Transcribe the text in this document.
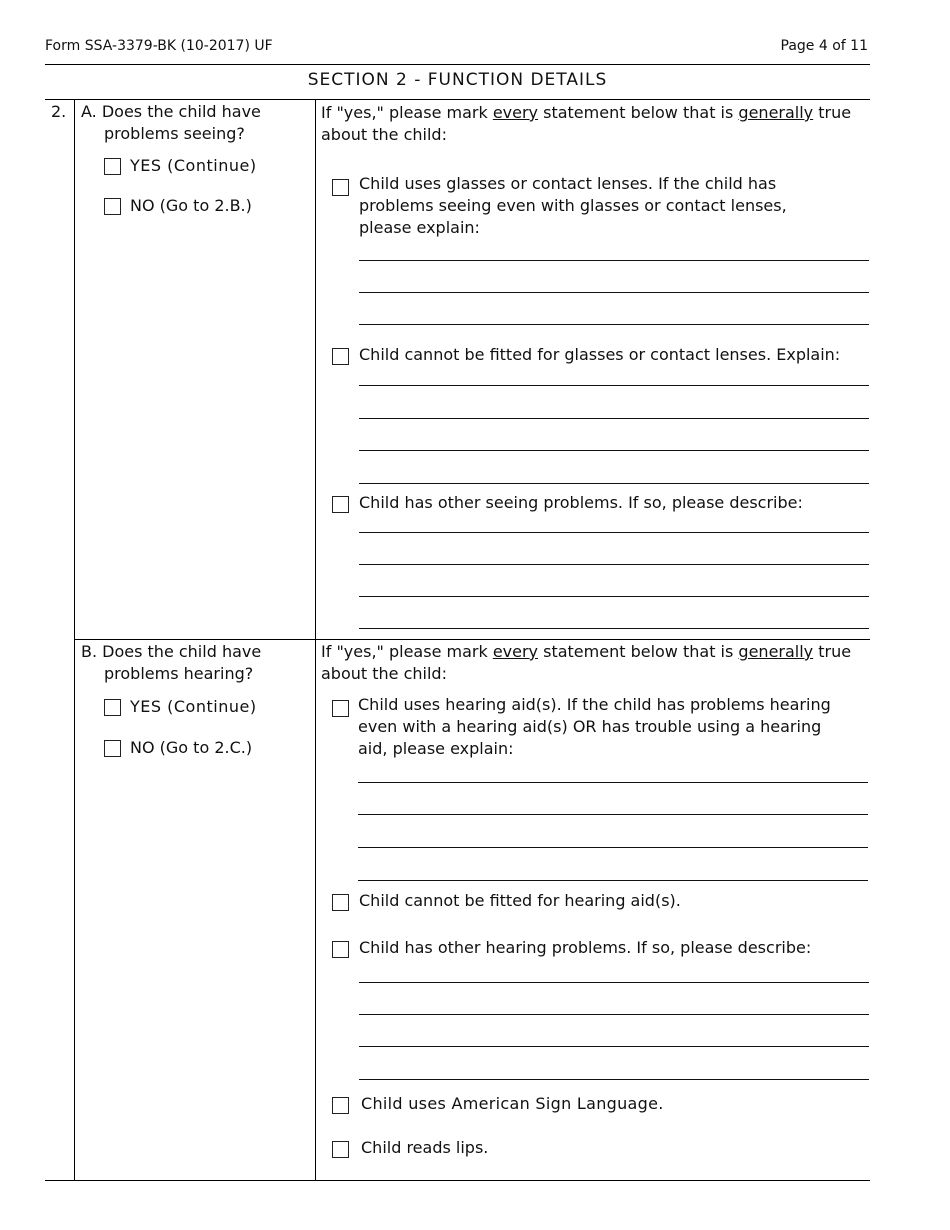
Form SSA-3379-BK (10-2017) UF	Page 4 of 11
SECTION 2 - FUNCTION DETAILS
2. A. Does the child have
problems seeing?
YES (Continue)
NO (Go to 2.B.)
If "yes," please mark every statement below that is generally true
about the child:
Child uses glasses or contact lenses. If the child has
problems seeing even with glasses or contact lenses,
please explain:
Child cannot be fitted for glasses or contact lenses. Explain:
Child has other seeing problems. If so, please describe:
B. Does the child have
problems hearing?
YES (Continue)
NO (Go to 2.C.)
If "yes," please mark every statement below that is generally true
about the child:
Child uses hearing aid(s). If the child has problems hearing
even with a hearing aid(s) OR has trouble using a hearing
aid, please explain:
Child cannot be fitted for hearing aid(s).
Child has other hearing problems. If so, please describe:
Child uses American Sign Language.
Child reads lips.
